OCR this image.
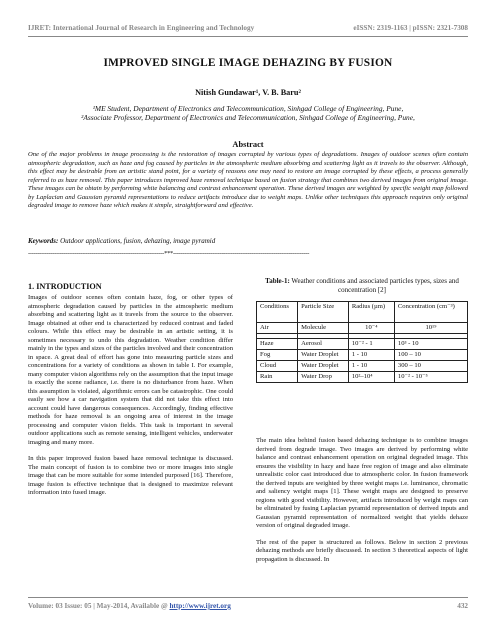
IJRET: International Journal of Research in Engineering and Technology	eISSN: 2319-1163 | pISSN: 2321-7308
IMPROVED SINGLE IMAGE DEHAZING BY FUSION
Nitish Gundawar¹, V. B. Baru²
¹ME Student, Department of Electronics and Telecommunication, Sinhgad College of Engineering, Pune,
²Associate Professor, Department of Electronics and Telecommunication, Sinhgad College of Engineering, Pune,
Abstract

One of the major problems in image processing is the restoration of images corrupted by various types of degradations. Images of outdoor scenes often contain atmospheric degradation, such as haze and fog caused by particles in the atmospheric medium absorbing and scattering light as it travels to the observer. Although, this effect may be desirable from an artistic stand point, for a variety of reasons one may need to restore an image corrupted by these effects, a process generally referred to as haze removal. This paper introduces improved haze removal technique based on fusion strategy that combines two derived images from original image. These images can be obtain by performing white balancing and contrast enhancement operation. These derived images are weighted by specific weight map followed by Laplacian and Gaussian pyramid representations to reduce artifacts introduce due to weight maps. Unlike other techniques this approach requires only original degraded image to remove haze which makes it simple, straightforward and effective.

Keywords: Outdoor applications, fusion, dehazing, image pyramid
-------------------------------------------------------------------------***-------------------------------------------------------------------------
1. INTRODUCTION

Images of outdoor scenes often contain haze, fog, or other types of atmospheric degradation caused by particles in the atmospheric medium absorbing and scattering light as it travels from the source to the observer. Image obtained at other end is characterized by reduced contrast and faded colours. While this effect may be desirable in an artistic setting, it is sometimes necessary to undo this degradation. Weather condition differ mainly in the types and sizes of the particles involved and their concentration in space. A great deal of effort has gone into measuring particle sizes and concentrations for a variety of conditions as shown in table I. For example, many computer vision algorithms rely on the assumption that the input image is exactly the scene radiance, i.e. there is no disturbance from haze. When this assumption is violated, algorithmic errors can be catastrophic. One could easily see how a car navigation system that did not take this effect into account could have dangerous consequences. Accordingly, finding effective methods for haze removal is an ongoing area of interest in the image processing and computer vision fields. This task is important in several outdoor applications such as remote sensing, intelligent vehicles, underwater imaging and many more.

In this paper improved fusion based haze removal technique is discussed. The main concept of fusion is to combine two or more images into single image that can be more suitable for some intended purposed [16]. Therefore, image fusion is effective technique that is designed to maximize relevant information into fused image.

Table-1: Weather conditions and associated particles types, sizes and concentration [2]
Conditions	Particle Size	Radius (µm)	Concentration (cm⁻³)
Air	Molecule	10⁻⁴	10¹⁹

Haze	Aerosol	10⁻² - 1	10³ - 10
Fog	Water Droplet	1 - 10	100 – 10
Cloud	Water Droplet	1 - 10	300 – 10
Rain	Water Drop	10²–10⁴	10⁻² - 10⁻⁵

The main idea behind fusion based dehazing technique is to combine images derived from degrade image. Two images are derived by performing white balance and contrast enhancement operation on original degraded image. This ensures the visibility in hazy and haze free region of image and also eliminate unrealistic color cast introduced due to atmospheric color. In fusion framework the derived inputs are weighted by three weight maps i.e. luminance, chromatic and saliency weight maps [1]. These weight maps are designed to preserve regions with good visibility. However, artifacts introduced by weight maps can be eliminated by fusing Laplacian pyramid representation of derived inputs and Gaussian pyramid representation of normalized weight that yields dehaze version of original degraded image.

The rest of the paper is structured as follows. Below in section 2 previous dehazing methods are briefly discussed. In section 3 theoretical aspects of light propagation is discussed. In

Volume: 03 Issue: 05 | May-2014, Available @ http://www.ijret.org	432
